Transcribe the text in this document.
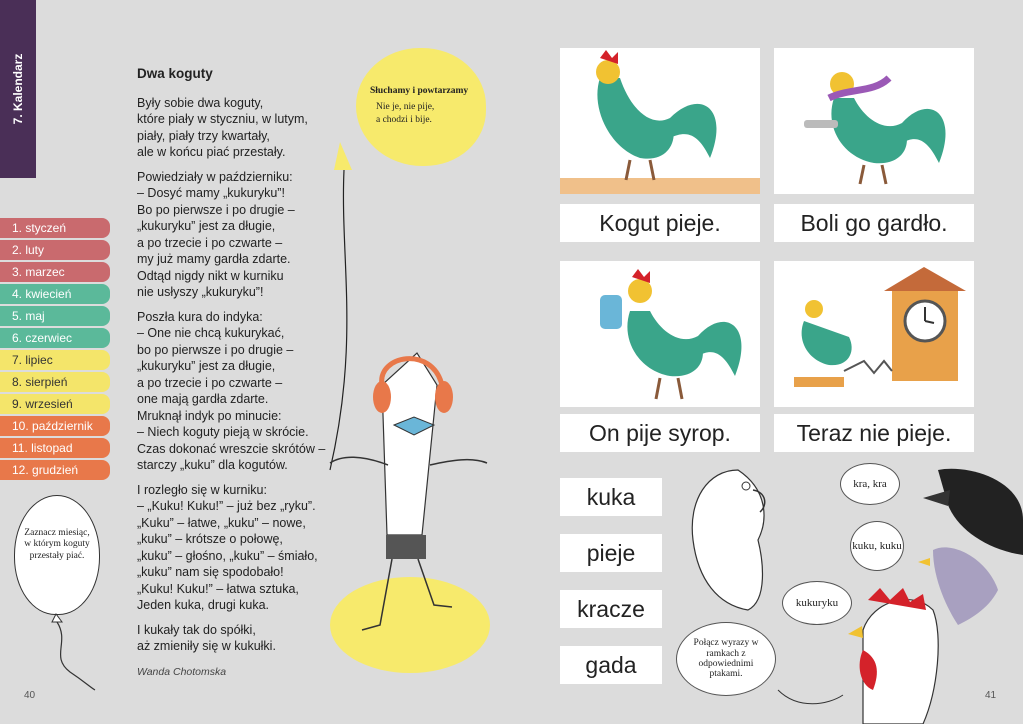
7. Kalendarz
1. styczeń
2. luty
3. marzec
4. kwiecień
5. maj
6. czerwiec
7. lipiec
8. sierpień
9. wrzesień
10. październik
11. listopad
12. grudzień
Zaznacz miesiąc, w którym koguty przestały piać.
Dwa koguty
Były sobie dwa koguty,
które piały w styczniu, w lutym,
piały, piały trzy kwartały,
ale w końcu piać przestały.
Powiedziały w październiku:
– Dosyć mamy „kukuryku”!
Bo po pierwsze i po drugie –
„kukuryku” jest za długie,
a po trzecie i po czwarte –
my już mamy gardła zdarte.
Odtąd nigdy nikt w kurniku
nie usłyszy „kukuryku”!
Poszła kura do indyka:
– One nie chcą kukurykać,
bo po pierwsze i po drugie –
„kukuryku” jest za długie,
a po trzecie i po czwarte –
one mają gardła zdarte.
Mruknął indyk po minucie:
– Niech koguty pieją w skrócie.
Czas dokonać wreszcie skrótów –
starczy „kuku” dla kogutów.
I rozległo się w kurniku:
– „Kuku! Kuku!” – już bez „ryku”.
„Kuku” – łatwe, „kuku” – nowe,
„kuku” – krótsze o połowę,
„kuku” – głośno, „kuku” – śmiało,
„kuku” nam się spodobało!
„Kuku! Kuku!” – łatwa sztuka,
Jeden kuka, drugi kuka.
I kukały tak do spółki,
aż zmieniły się w kukułki.
Wanda Chotomska
Słuchamy i powtarzamy
Nie je, nie pije,
a chodzi i bije.
40	41
Kogut pieje.	Boli go gardło.
On pije syrop.	Teraz nie pieje.
kuka
pieje
kracze
gada
kra, kra
kuku, kuku
kukuryku
Połącz wyrazy w ramkach z odpowiednimi ptakami.
